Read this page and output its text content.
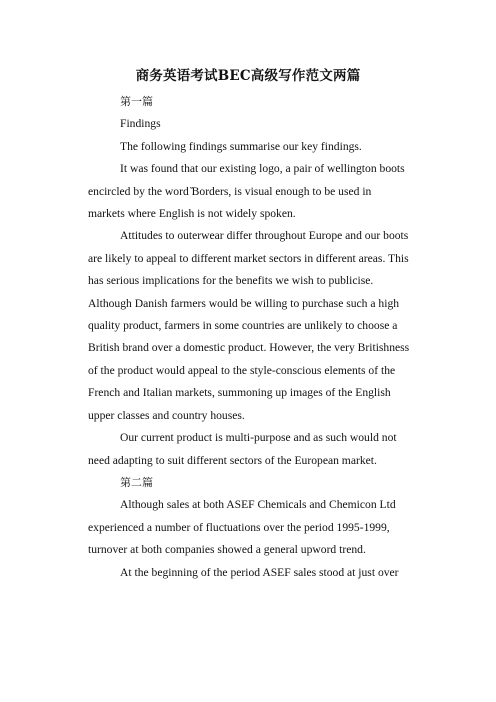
商务英语考试BEC高级写作范文两篇

第一篇

Findings

The following findings summarise our key findings.

It was found that our existing logo, a pair of wellington boots encircled by the word ̆Borders, is visual enough to be used in markets where English is not widely spoken.

Attitudes to outerwear differ throughout Europe and our boots are likely to appeal to different market sectors in different areas. This has serious implications for the benefits we wish to publicise. Although Danish farmers would be willing to purchase such a high quality product, farmers in some countries are unlikely to choose a British brand over a domestic product. However, the very Britishness of the product would appeal to the style-conscious elements of the French and Italian markets, summoning up images of the English upper classes and country houses.

Our current product is multi-purpose and as such would not need adapting to suit different sectors of the European market.

第二篇

Although sales at both ASEF Chemicals and Chemicon Ltd experienced a number of fluctuations over the period 1995-1999, turnover at both companies showed a general upword trend.

At the beginning of the period ASEF sales stood at just over
